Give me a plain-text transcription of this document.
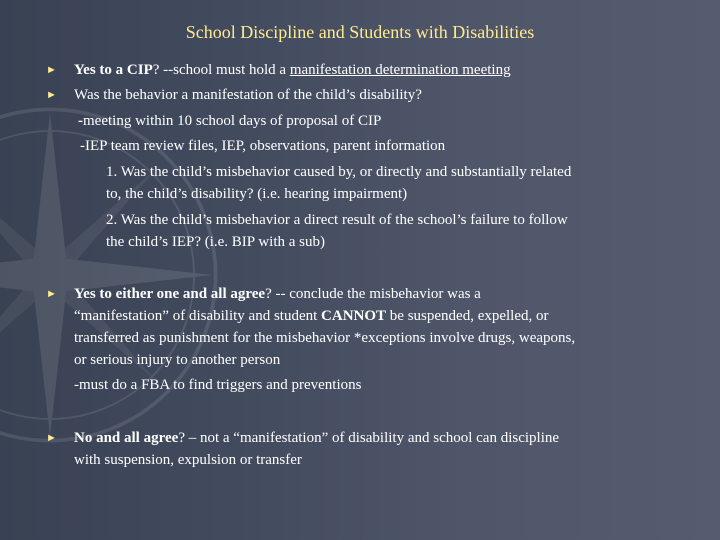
School Discipline and Students with Disabilities
► Yes to a CIP? --school must hold a manifestation determination meeting
► Was the behavior a manifestation of the child’s disability?
-meeting within 10 school days of proposal of CIP
-IEP team review files, IEP, observations, parent information
1. Was the child’s misbehavior caused by, or directly and substantially related
to, the child’s disability? (i.e. hearing impairment)
2. Was the child’s misbehavior a direct result of the school’s failure to follow
the child’s IEP? (i.e. BIP with a sub)
► Yes to either one and all agree? -- conclude the misbehavior was a
“manifestation” of disability and student CANNOT be suspended, expelled, or
transferred as punishment for the misbehavior *exceptions involve drugs, weapons,
or serious injury to another person
-must do a FBA to find triggers and preventions
► No and all agree? – not a “manifestation” of disability and school can discipline
with suspension, expulsion or transfer
